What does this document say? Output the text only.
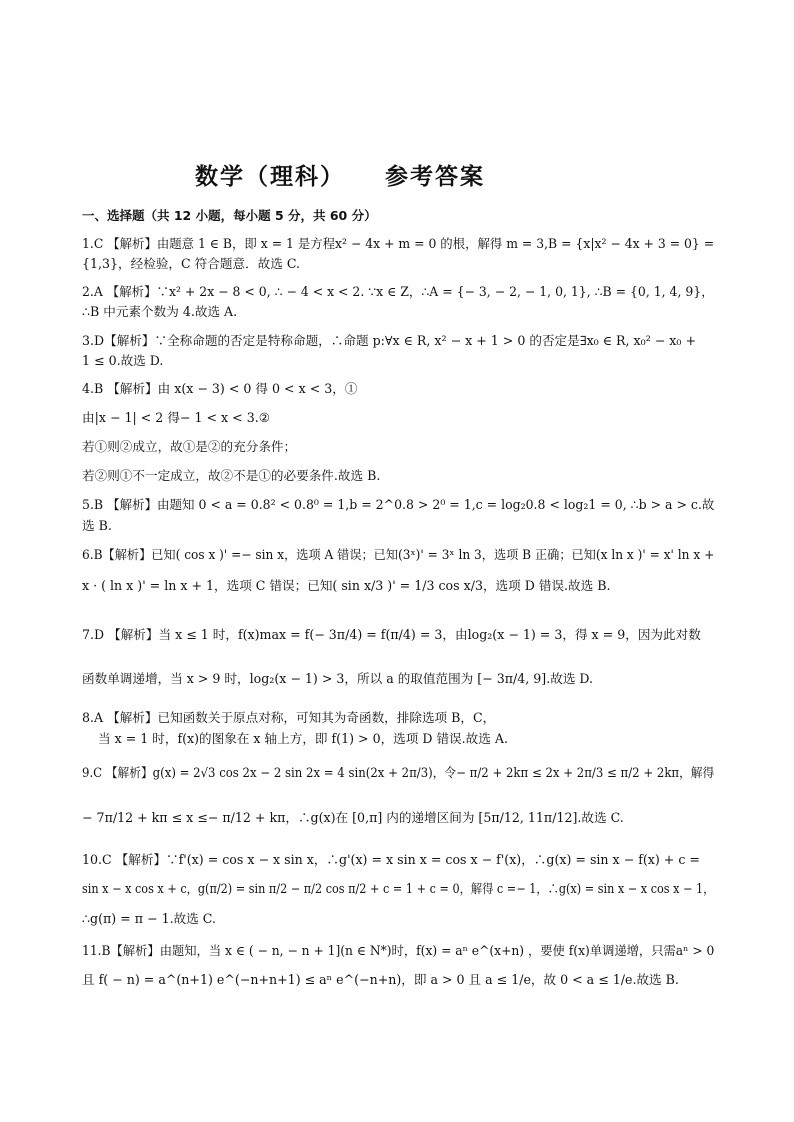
数学（理科）    参考答案
一、选择题（共 12 小题，每小题 5 分，共 60 分）
1.C 【解析】由题意 1 ∈ B，即 x = 1 是方程x² − 4x + m = 0 的根，解得 m = 3,B = {x|x² − 4x + 3 = 0} =
{1,3}，经检验，C 符合题意．故选 C.
2.A 【解析】∵x² + 2x − 8 < 0, ∴ − 4 < x < 2. ∵x ∈ Z，∴A = {− 3, − 2, − 1, 0, 1}, ∴B = {0, 1, 4, 9}，
∴B 中元素个数为 4.故选 A.
3.D【解析】∵全称命题的否定是特称命题，∴命题 p:∀x ∈ R, x² − x + 1 > 0 的否定是∃x₀ ∈ R, x₀² − x₀ +
1 ≤ 0.故选 D.
4.B 【解析】由 x(x − 3) < 0 得 0 < x < 3，①
由|x − 1| < 2 得− 1 < x < 3.②
若①则②成立，故①是②的充分条件；
若②则①不一定成立，故②不是①的必要条件.故选 B.
5.B 【解析】由题知 0 < a = 0.8² < 0.8⁰ = 1,b = 2^0.8 > 2⁰ = 1,c = log₂0.8 < log₂1 = 0, ∴b > a > c.故
选 B.
6.B【解析】已知( cos x )' =− sin x，选项 A 错误；已知(3ˣ)' = 3ˣ ln 3，选项 B 正确；已知(x ln x )' = x' ln x +
x · ( ln x )' = ln x + 1，选项 C 错误；已知( sin x/3 )' = 1/3 cos x/3，选项 D 错误.故选 B.
7.D 【解析】当 x ≤ 1 时，f(x)max = f(− 3π/4) = f(π/4) = 3，由log₂(x − 1) = 3，得 x = 9，因为此对数
函数单调递增，当 x > 9 时，log₂(x − 1) > 3，所以 a 的取值范围为 [− 3π/4, 9].故选 D.
8.A 【解析】已知函数关于原点对称，可知其为奇函数，排除选项 B，C，
当 x = 1 时，f(x)的图象在 x 轴上方，即 f(1) > 0，选项 D 错误.故选 A.
9.C 【解析】g(x) = 2√3 cos 2x − 2 sin 2x = 4 sin(2x + 2π/3)，令− π/2 + 2kπ ≤ 2x + 2π/3 ≤ π/2 + 2kπ，解得
− 7π/12 + kπ ≤ x ≤− π/12 + kπ，∴g(x)在 [0,π] 内的递增区间为 [5π/12, 11π/12].故选 C.
10.C 【解析】∵f'(x) = cos x − x sin x，∴g'(x) = x sin x = cos x − f'(x)，∴g(x) = sin x − f(x) + c =
sin x − x cos x + c，g(π/2) = sin π/2 − π/2 cos π/2 + c = 1 + c = 0，解得 c =− 1，∴g(x) = sin x − x cos x − 1，
∴g(π) = π − 1.故选 C.
11.B【解析】由题知，当 x ∈ ( − n, − n + 1](n ∈ N*)时，f(x) = aⁿ e^(x+n) ，要使 f(x)单调递增，只需aⁿ > 0
且 f( − n) = a^(n+1) e^(−n+n+1) ≤ aⁿ e^(−n+n)，即 a > 0 且 a ≤ 1/e，故 0 < a ≤ 1/e.故选 B.
